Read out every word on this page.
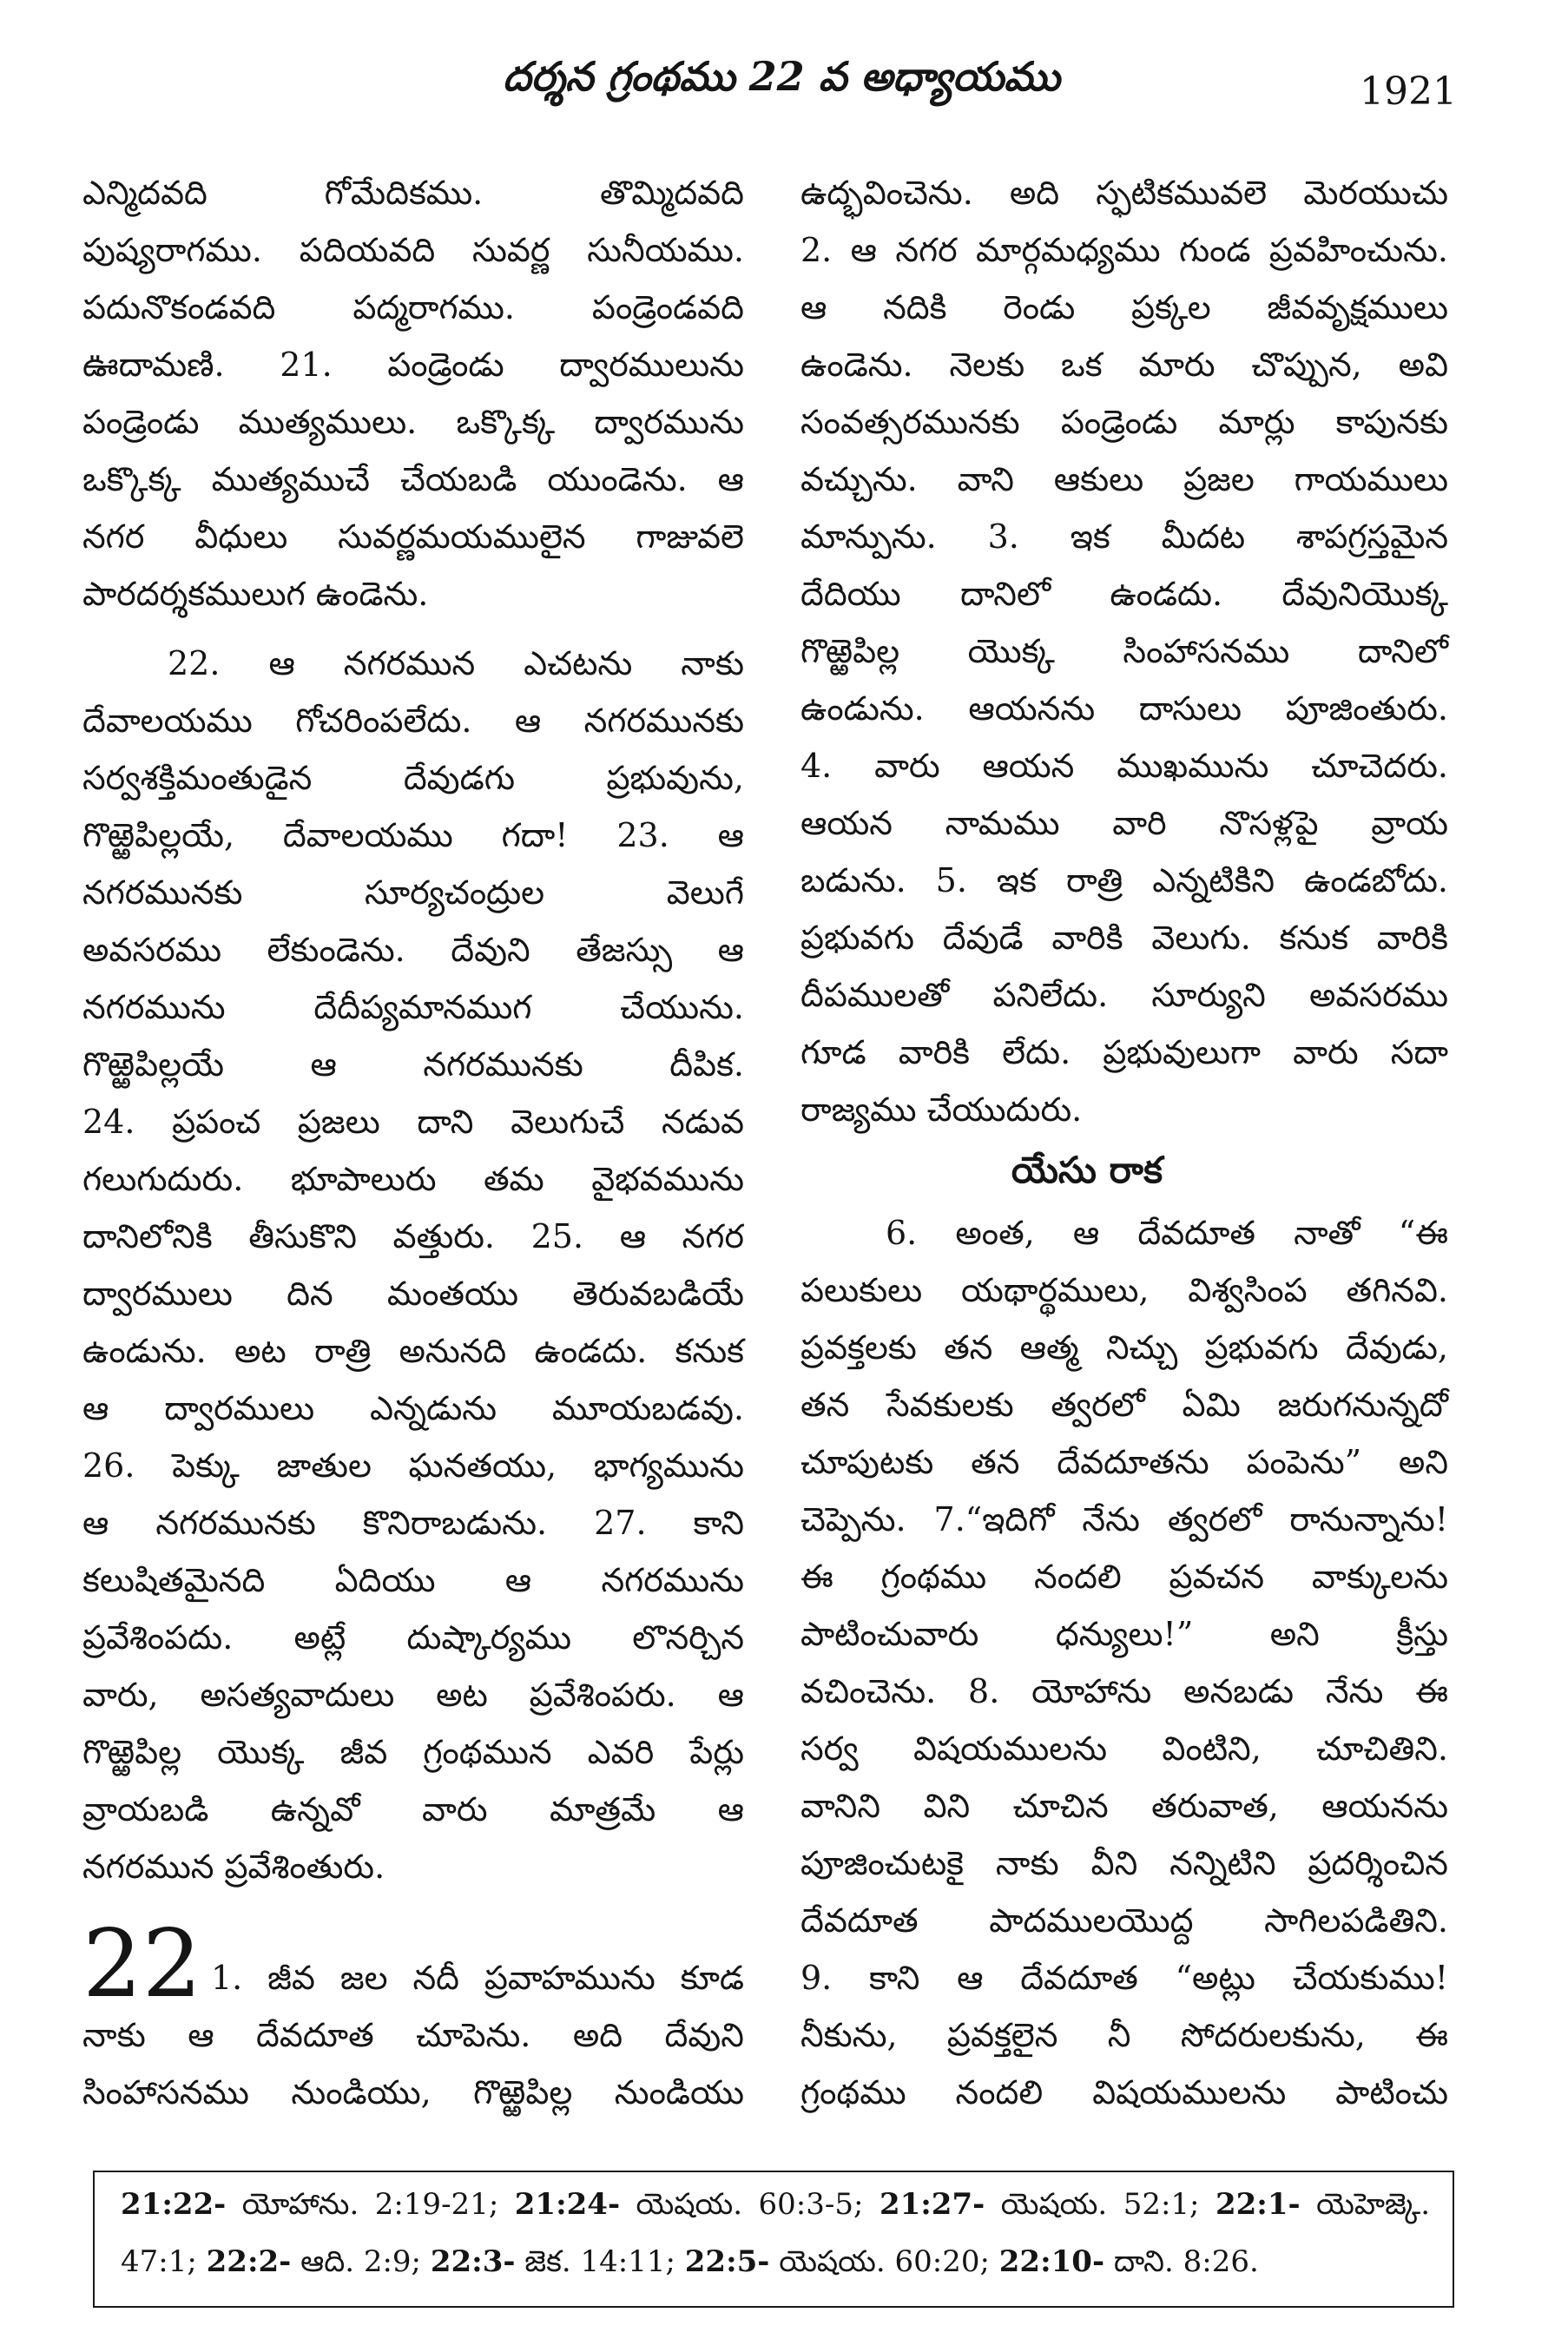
దర్శన గ్రంథము 22 వ అధ్యాయము	1921
ఎన్మిదవది గోమేదికము. తొమ్మిదవది
పుష్యరాగము. పదియవది సువర్ణ సునీయము.
పదునొకండవది పద్మరాగము. పండ్రెండవది
ఊదామణి. 21. పండ్రెండు ద్వారములును
పండ్రెండు ముత్యములు. ఒక్కొక్క ద్వారమును
ఒక్కొక్క ముత్యముచే చేయబడి యుండెను. ఆ
నగర వీధులు సువర్ణమయములైన గాజువలె
పారదర్శకములుగ ఉండెను.
22. ఆ నగరమున ఎచటను నాకు
దేవాలయము గోచరింపలేదు. ఆ నగరమునకు
సర్వశక్తిమంతుడైన దేవుడగు ప్రభువును,
గొఱ్ఱెపిల్లయే, దేవాలయము గదా! 23. ఆ
నగరమునకు సూర్యచంద్రుల వెలుగే
అవసరము లేకుండెను. దేవుని తేజస్సు ఆ
నగరమును దేదీప్యమానముగ చేయును.
గొఱ్ఱెపిల్లయే ఆ నగరమునకు దీపిక.
24. ప్రపంచ ప్రజలు దాని వెలుగుచే నడువ
గలుగుదురు. భూపాలురు తమ వైభవమును
దానిలోనికి తీసుకొని వత్తురు. 25. ఆ నగర
ద్వారములు దిన మంతయు తెరువబడియే
ఉండును. అట రాత్రి అనునది ఉండదు. కనుక
ఆ ద్వారములు ఎన్నడును మూయబడవు.
26. పెక్కు జాతుల ఘనతయు, భాగ్యమును
ఆ నగరమునకు కొనిరాబడును. 27. కాని
కలుషితమైనది ఏదియు ఆ నగరమును
ప్రవేశింపదు. అట్లే దుష్కార్యము లొనర్చిన
వారు, అసత్యవాదులు అట ప్రవేశింపరు. ఆ
గొఱ్ఱెపిల్ల యొక్క జీవ గ్రంథమున ఎవరి పేర్లు
వ్రాయబడి ఉన్నవో వారు మాత్రమే ఆ
నగరమున ప్రవేశింతురు.
22 1. జీవ జల నదీ ప్రవాహమును కూడ
నాకు ఆ దేవదూత చూపెను. అది దేవుని
సింహాసనము నుండియు, గొఱ్ఱెపిల్ల నుండియు
ఉద్భవించెను. అది స్ఫటికమువలె మెరయుచు
2. ఆ నగర మార్గమధ్యము గుండ ప్రవహించును.
ఆ నదికి రెండు ప్రక్కల జీవవృక్షములు
ఉండెను. నెలకు ఒక మారు చొప్పున, అవి
సంవత్సరమునకు పండ్రెండు మార్లు కాపునకు
వచ్చును. వాని ఆకులు ప్రజల గాయములు
మాన్పును. 3. ఇక మీదట శాపగ్రస్తమైన
దేదియు దానిలో ఉండదు. దేవునియొక్క
గొఱ్ఱెపిల్ల యొక్క సింహాసనము దానిలో
ఉండును. ఆయనను దాసులు పూజింతురు.
4. వారు ఆయన ముఖమును చూచెదరు.
ఆయన నామము వారి నొసళ్లపై వ్రాయ
బడును. 5. ఇక రాత్రి ఎన్నటికిని ఉండబోదు.
ప్రభువగు దేవుడే వారికి వెలుగు. కనుక వారికి
దీపములతో పనిలేదు. సూర్యుని అవసరము
గూడ వారికి లేదు. ప్రభువులుగా వారు సదా
రాజ్యము చేయుదురు.
యేసు రాక
6. అంత, ఆ దేవదూత నాతో “ఈ
పలుకులు యథార్థములు, విశ్వసింప తగినవి.
ప్రవక్తలకు తన ఆత్మ నిచ్చు ప్రభువగు దేవుడు,
తన సేవకులకు త్వరలో ఏమి జరుగనున్నదో
చూపుటకు తన దేవదూతను పంపెను” అని
చెప్పెను. 7.“ఇదిగో నేను త్వరలో రానున్నాను!
ఈ గ్రంథము నందలి ప్రవచన వాక్కులను
పాటించువారు ధన్యులు!” అని క్రీస్తు
వచించెను. 8. యోహాను అనబడు నేను ఈ
సర్వ విషయములను వింటిని, చూచితిని.
వానిని విని చూచిన తరువాత, ఆయనను
పూజించుటకై నాకు వీని నన్నిటిని ప్రదర్శించిన
దేవదూత పాదములయొద్ద సాగిలపడితిని.
9. కాని ఆ దేవదూత “అట్లు చేయకుము!
నీకును, ప్రవక్తలైన నీ సోదరులకును, ఈ
గ్రంథము నందలి విషయములను పాటించు
21:22- యోహాను. 2:19-21; 21:24- యెషయ. 60:3-5; 21:27- యెషయ. 52:1; 22:1- యెహెజ్కె.
47:1; 22:2- ఆది. 2:9; 22:3- జెక. 14:11; 22:5- యెషయ. 60:20; 22:10- దాని. 8:26.
